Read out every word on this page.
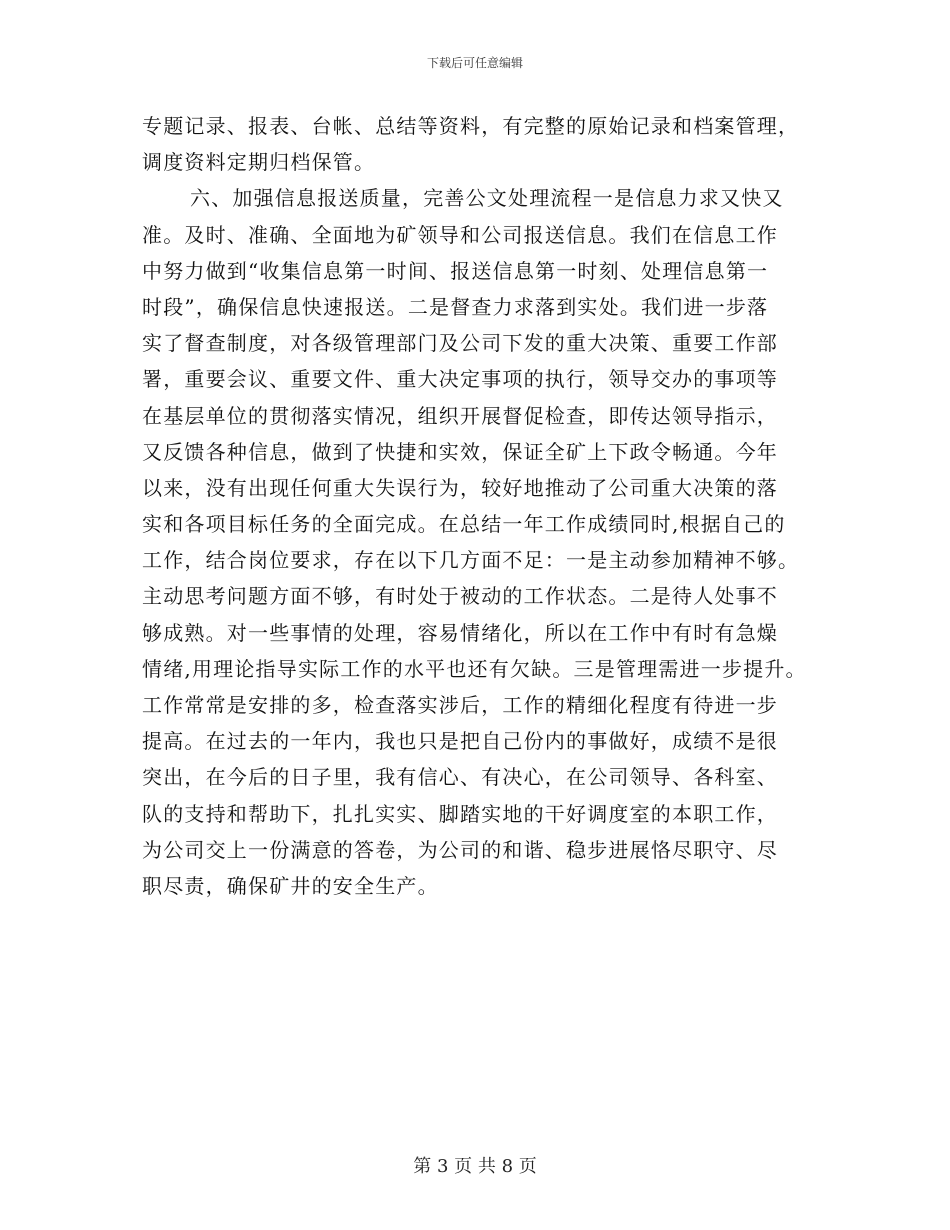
下载后可任意编辑
专题记录、报表、台帐、总结等资料，有完整的原始记录和档案管理，
调度资料定期归档保管。
六、加强信息报送质量，完善公文处理流程一是信息力求又快又
准。及时、准确、全面地为矿领导和公司报送信息。我们在信息工作
中努力做到“收集信息第一时间、报送信息第一时刻、处理信息第一
时段”，确保信息快速报送。二是督查力求落到实处。我们进一步落
实了督查制度，对各级管理部门及公司下发的重大决策、重要工作部
署，重要会议、重要文件、重大决定事项的执行，领导交办的事项等
在基层单位的贯彻落实情况，组织开展督促检查，即传达领导指示，
又反馈各种信息，做到了快捷和实效，保证全矿上下政令畅通。今年
以来，没有出现任何重大失误行为，较好地推动了公司重大决策的落
实和各项目标任务的全面完成。在总结一年工作成绩同时,根据自己的
工作，结合岗位要求，存在以下几方面不足：一是主动参加精神不够。
主动思考问题方面不够，有时处于被动的工作状态。二是待人处事不
够成熟。对一些事情的处理，容易情绪化，所以在工作中有时有急燥
情绪,用理论指导实际工作的水平也还有欠缺。三是管理需进一步提升。
工作常常是安排的多，检查落实涉后，工作的精细化程度有待进一步
提高。在过去的一年内，我也只是把自己份内的事做好，成绩不是很
突出，在今后的日子里，我有信心、有决心，在公司领导、各科室、
队的支持和帮助下，扎扎实实、脚踏实地的干好调度室的本职工作，
为公司交上一份满意的答卷，为公司的和谐、稳步进展恪尽职守、尽
职尽责，确保矿井的安全生产。
第 3 页 共 8 页
